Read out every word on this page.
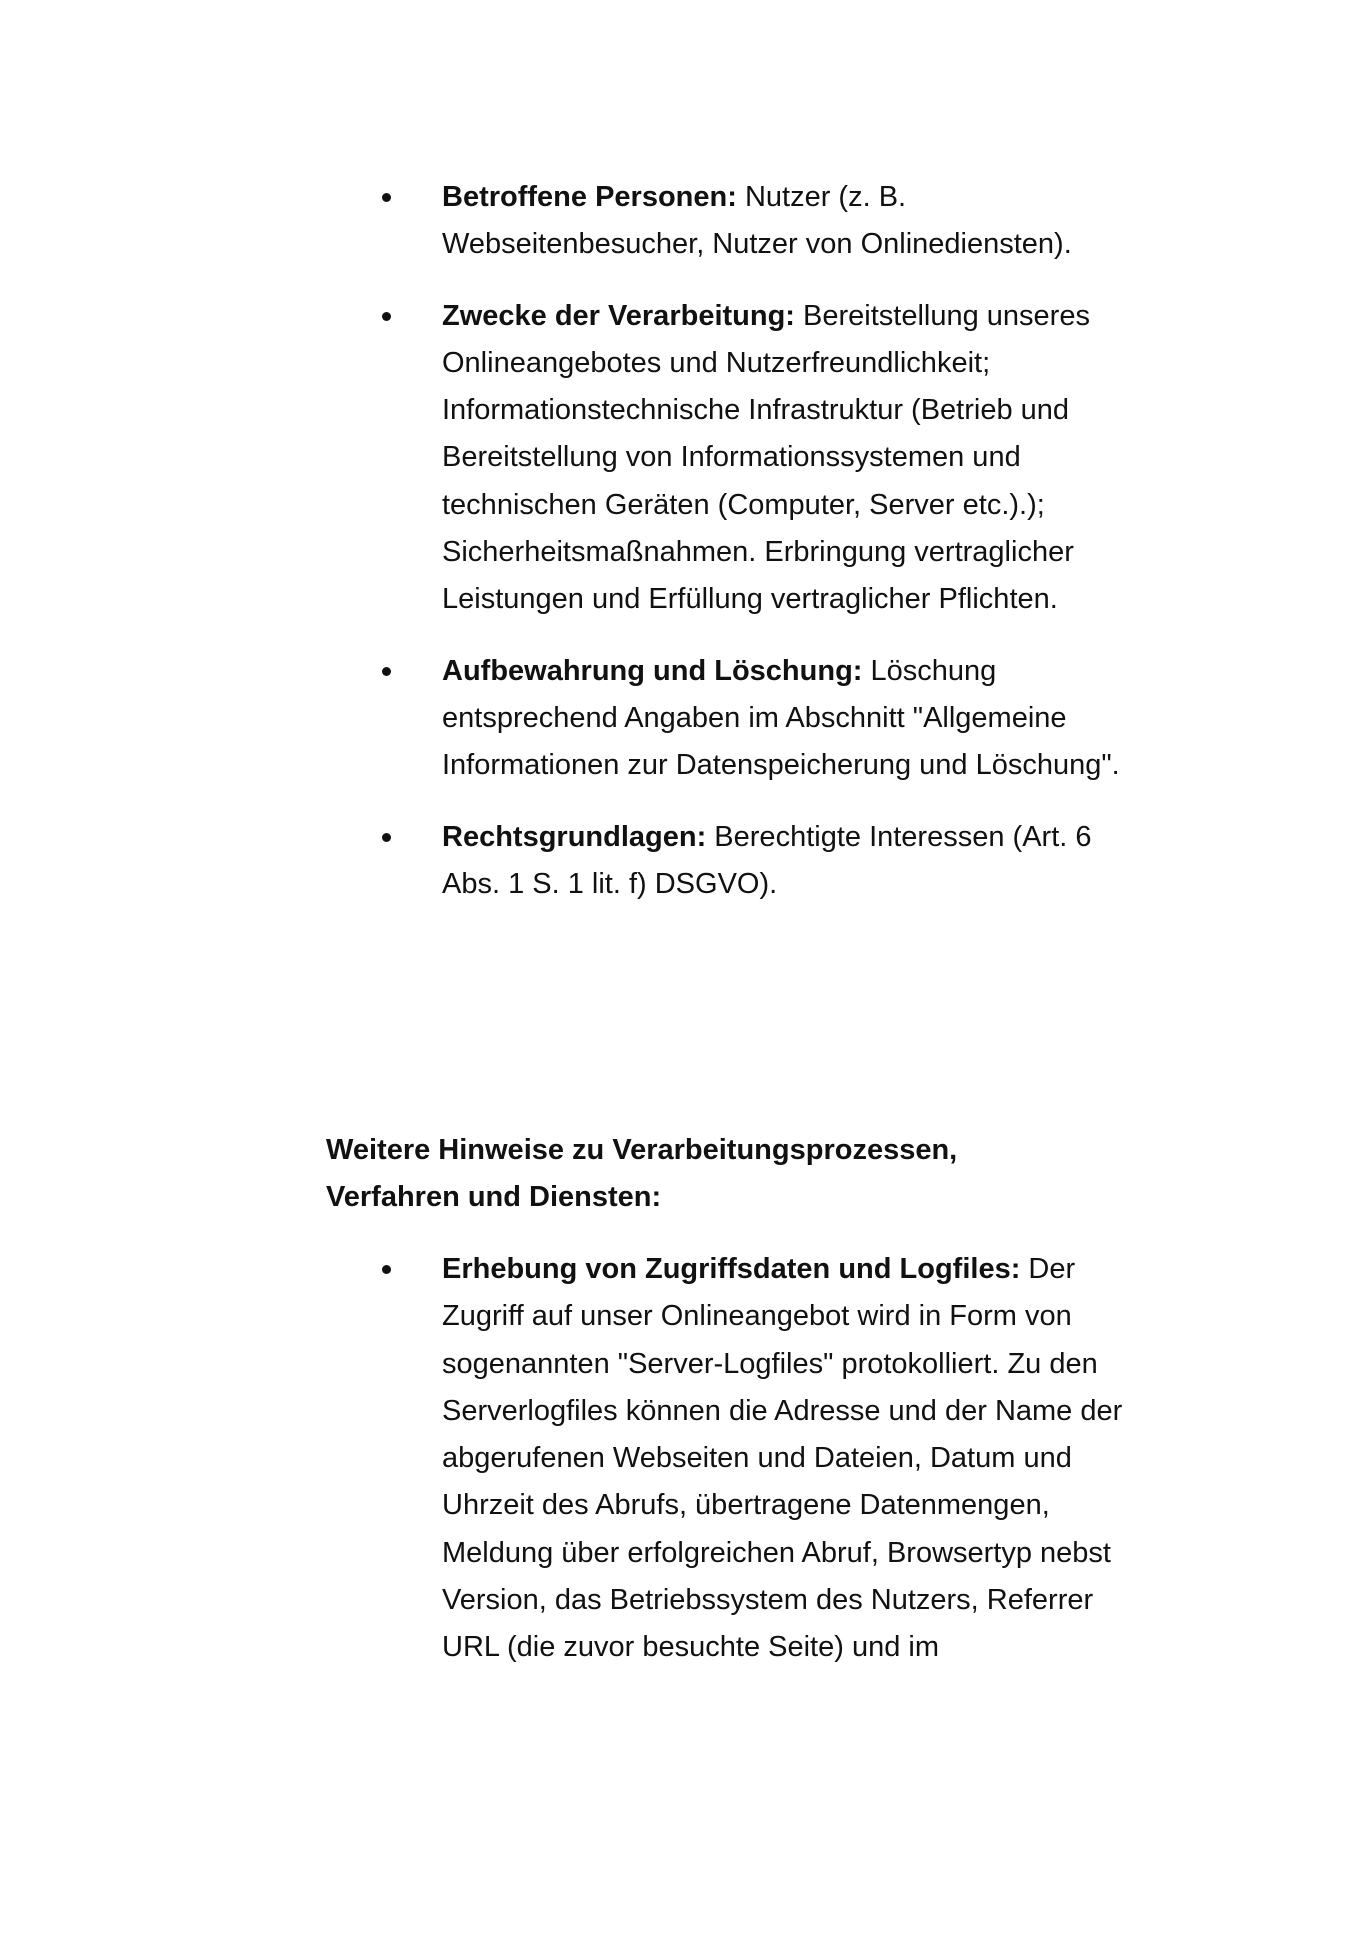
Betroffene Personen: Nutzer (z. B. Webseitenbesucher, Nutzer von Onlinediensten).
Zwecke der Verarbeitung: Bereitstellung unseres Onlineangebotes und Nutzerfreundlichkeit; Informationstechnische Infrastruktur (Betrieb und Bereitstellung von Informationssystemen und technischen Geräten (Computer, Server etc.).); Sicherheitsmaßnahmen. Erbringung vertraglicher Leistungen und Erfüllung vertraglicher Pflichten.
Aufbewahrung und Löschung: Löschung entsprechend Angaben im Abschnitt "Allgemeine Informationen zur Datenspeicherung und Löschung".
Rechtsgrundlagen: Berechtigte Interessen (Art. 6 Abs. 1 S. 1 lit. f) DSGVO).

Weitere Hinweise zu Verarbeitungsprozessen, Verfahren und Diensten:

Erhebung von Zugriffsdaten und Logfiles: Der Zugriff auf unser Onlineangebot wird in Form von sogenannten "Server-Logfiles" protokolliert. Zu den Serverlogfiles können die Adresse und der Name der abgerufenen Webseiten und Dateien, Datum und Uhrzeit des Abrufs, übertragene Datenmengen, Meldung über erfolgreichen Abruf, Browsertyp nebst Version, das Betriebssystem des Nutzers, Referrer URL (die zuvor besuchte Seite) und im
